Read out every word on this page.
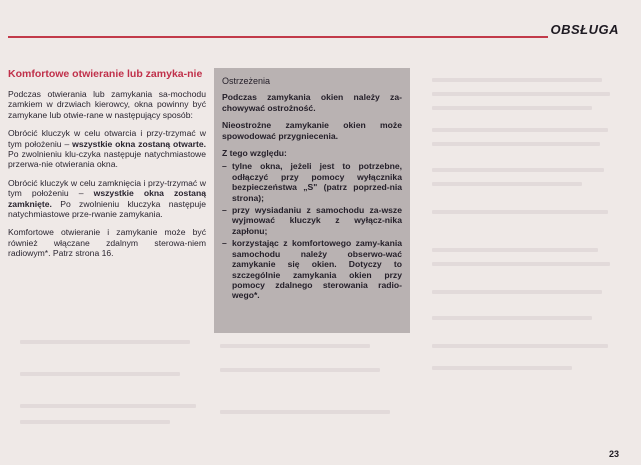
OBSŁUGA
Komfortowe otwieranie lub zamyka-nie

Podczas otwierania lub zamykania sa-mochodu zamkiem w drzwiach kierowcy, okna powinny być zamykane lub otwie-rane w następujący sposób:

Obrócić kluczyk w celu otwarcia i przy-trzymać w tym położeniu – wszystkie okna zostaną otwarte. Po zwolnieniu klu-czyka następuje natychmiastowe przerwa-nie otwierania okna.

Obrócić kluczyk w celu zamknięcia i przy-trzymać w tym położeniu – wszystkie okna zostaną zamknięte. Po zwolnieniu kluczyka następuje natychmiastowe prze-rwanie zamykania.

Komfortowe otwieranie i zamykanie może być również włączane zdalnym sterowa-niem radiowym*. Patrz strona 16.

Ostrzeżenia

Podczas zamykania okien należy za-chowywać ostrożność.

Nieostrożne zamykanie okien może spowodować przygniecenia.

Z tego względu:

– tylne okna, jeżeli jest to potrzebne, odłączyć przy pomocy wyłącznika bezpieczeństwa „S" (patrz poprzed-nia strona);
– przy wysiadaniu z samochodu za-wsze wyjmować kluczyk z wyłącz-nika zapłonu;
– korzystając z komfortowego zamy-kania samochodu należy obserwo-wać zamykanie się okien. Dotyczy to szczególnie zamykania okien przy pomocy zdalnego sterowania radio-wego*.
23
